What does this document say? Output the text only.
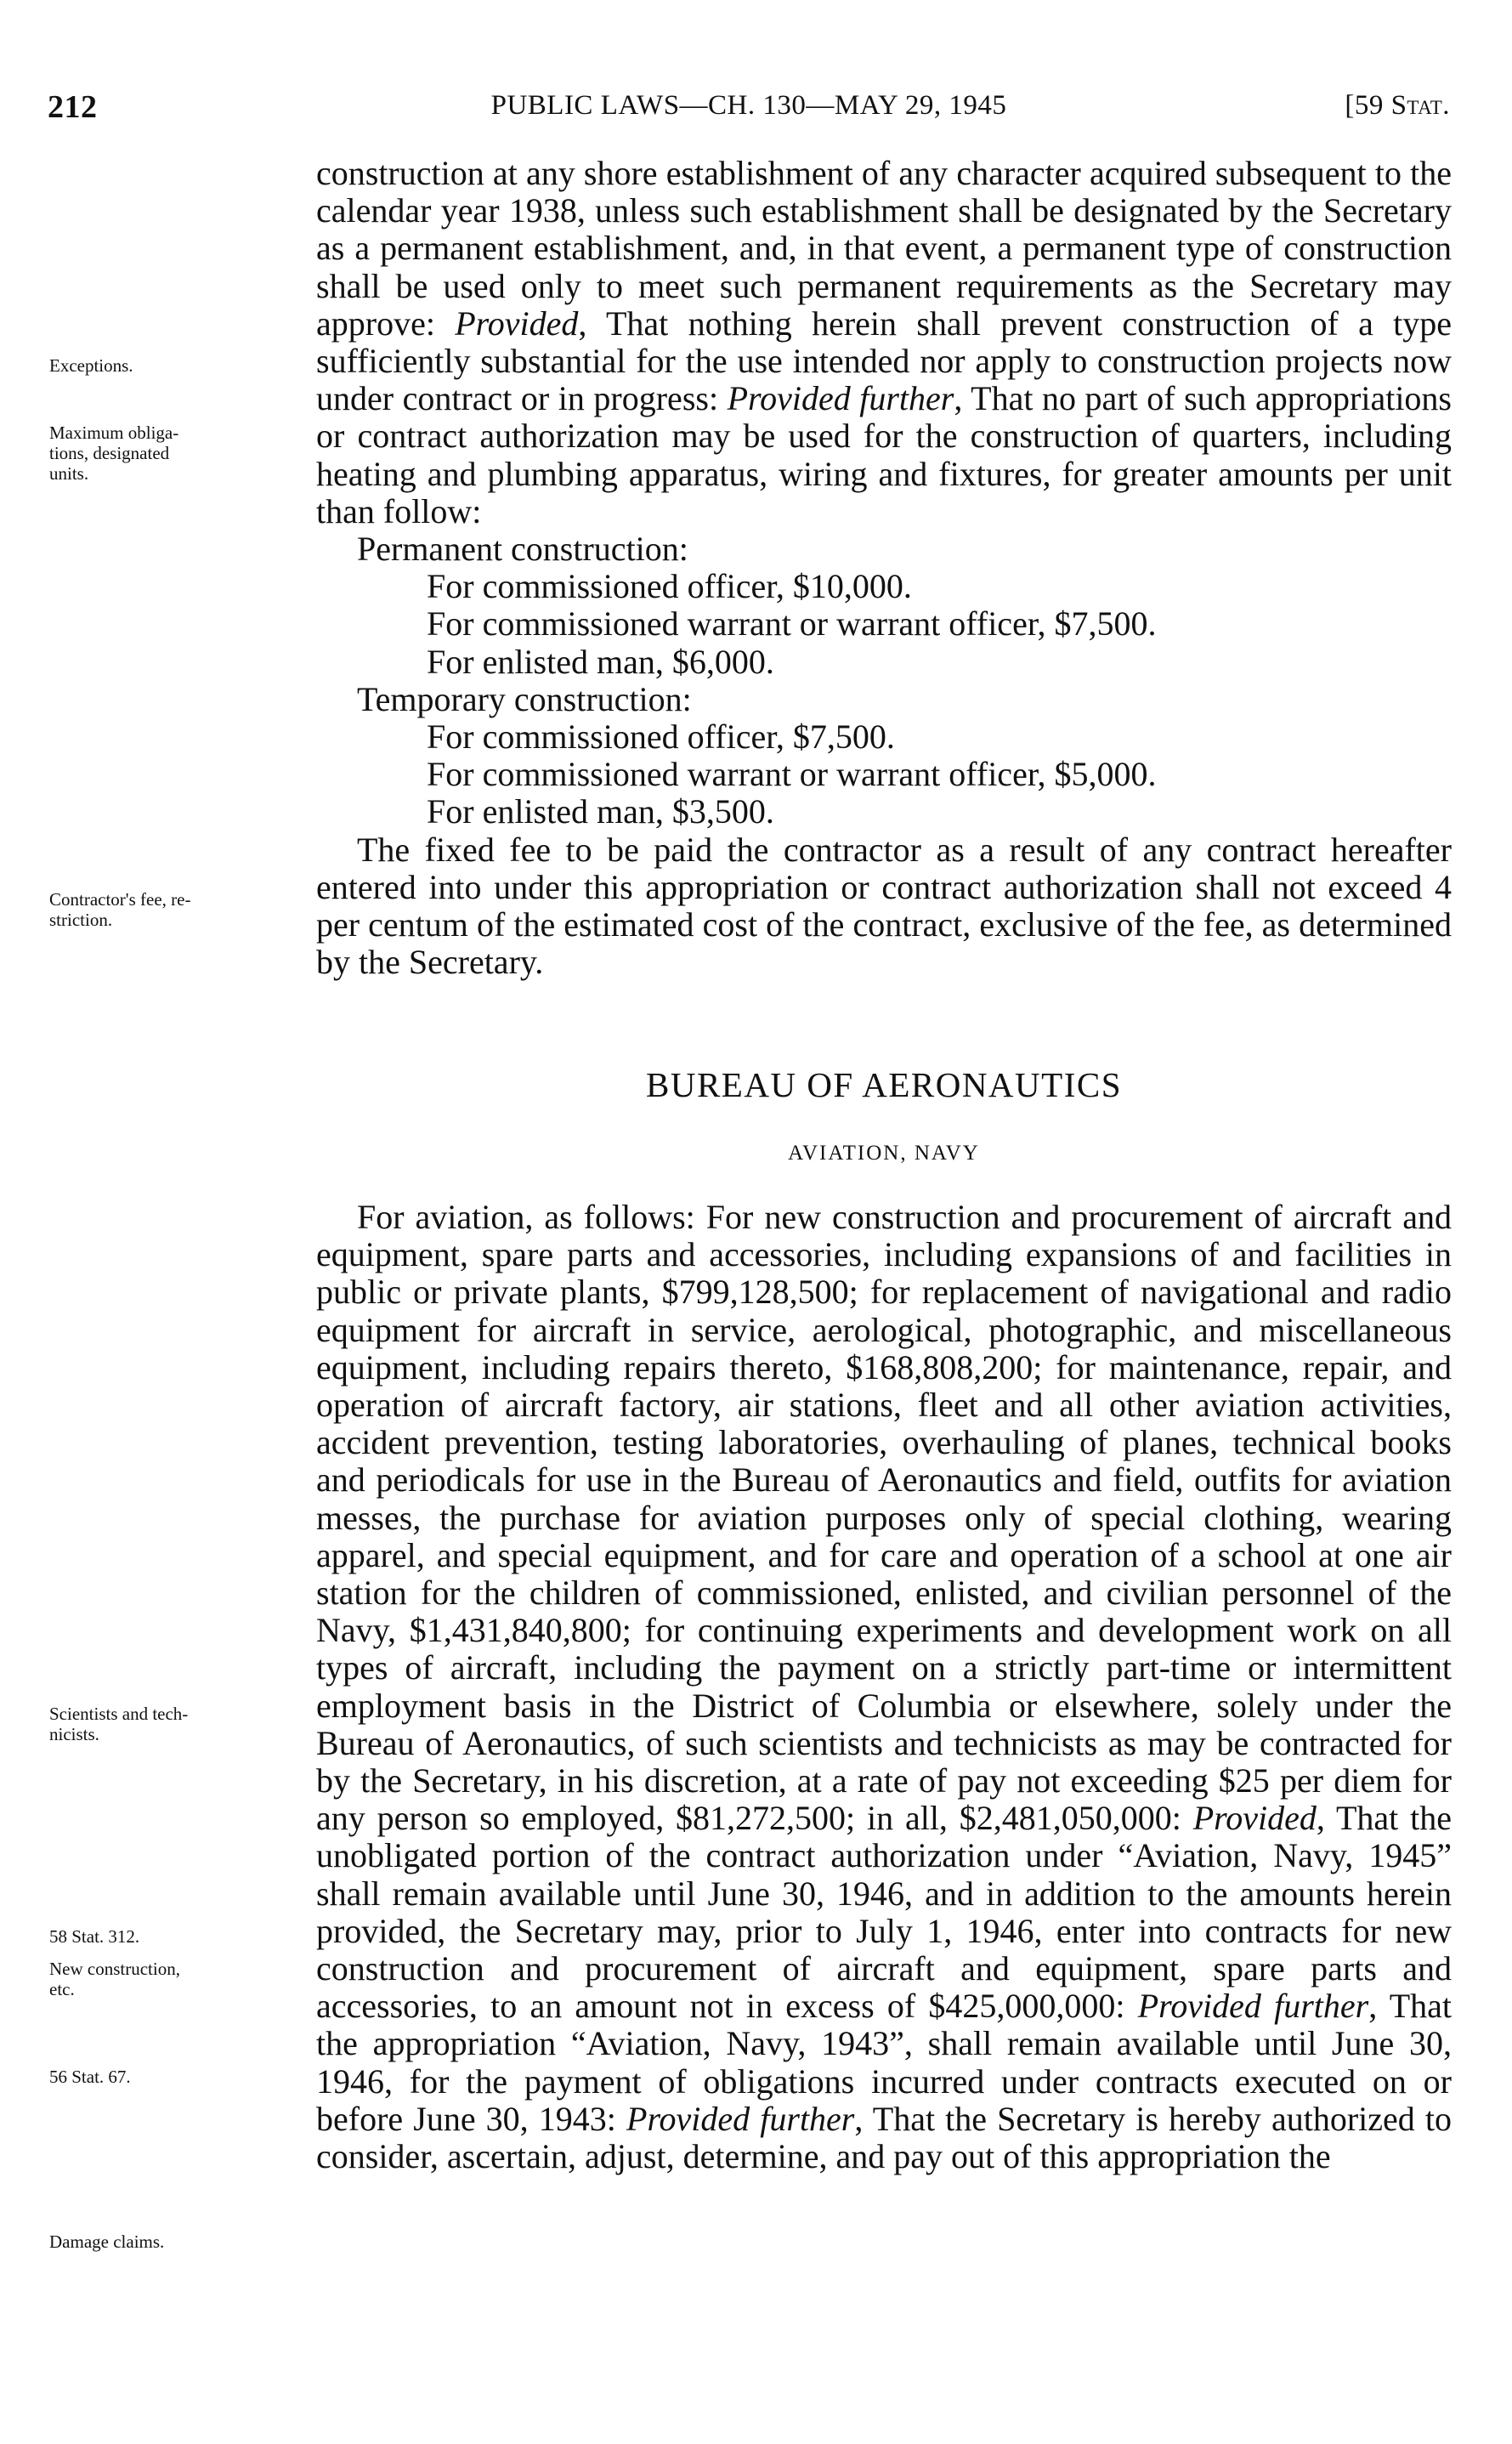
212	PUBLIC LAWS—CH. 130—MAY 29, 1945	[59 Stat.
Exceptions.
Maximum obliga-
tions, designated
units.
Contractor's fee, re-
striction.
Scientists and tech-
nicists.
58 Stat. 312.
New construction,
etc.
56 Stat. 67.
Damage claims.

construction at any shore establishment of any character acquired subsequent to the calendar year 1938, unless such establishment shall be designated by the Secretary as a permanent establishment, and, in that event, a permanent type of construction shall be used only to meet such permanent requirements as the Secretary may approve: Provided, That nothing herein shall prevent construction of a type sufficiently substantial for the use intended nor apply to construction projects now under contract or in progress: Provided further, That no part of such appropriations or contract authorization may be used for the construction of quarters, including heating and plumbing apparatus, wiring and fixtures, for greater amounts per unit than follow:

Permanent construction:

For commissioned officer, $10,000.

For commissioned warrant or warrant officer, $7,500.

For enlisted man, $6,000.

Temporary construction:

For commissioned officer, $7,500.

For commissioned warrant or warrant officer, $5,000.

For enlisted man, $3,500.

The fixed fee to be paid the contractor as a result of any contract hereafter entered into under this appropriation or contract authorization shall not exceed 4 per centum of the estimated cost of the contract, exclusive of the fee, as determined by the Secretary.

BUREAU OF AERONAUTICS

AVIATION, NAVY

For aviation, as follows: For new construction and procurement of aircraft and equipment, spare parts and accessories, including expansions of and facilities in public or private plants, $799,128,500; for replacement of navigational and radio equipment for aircraft in service, aerological, photographic, and miscellaneous equipment, including repairs thereto, $168,808,200; for maintenance, repair, and operation of aircraft factory, air stations, fleet and all other aviation activities, accident prevention, testing laboratories, overhauling of planes, technical books and periodicals for use in the Bureau of Aeronautics and field, outfits for aviation messes, the purchase for aviation purposes only of special clothing, wearing apparel, and special equipment, and for care and operation of a school at one air station for the children of commissioned, enlisted, and civilian personnel of the Navy, $1,431,840,800; for continuing experiments and development work on all types of aircraft, including the payment on a strictly part-time or intermittent employment basis in the District of Columbia or elsewhere, solely under the Bureau of Aeronautics, of such scientists and technicists as may be contracted for by the Secretary, in his discretion, at a rate of pay not exceeding $25 per diem for any person so employed, $81,272,500; in all, $2,481,050,000: Provided, That the unobligated portion of the contract authorization under “Aviation, Navy, 1945” shall remain available until June 30, 1946, and in addition to the amounts herein provided, the Secretary may, prior to July 1, 1946, enter into contracts for new construction and procurement of aircraft and equipment, spare parts and accessories, to an amount not in excess of $425,000,000: Provided further, That the appropriation “Aviation, Navy, 1943”, shall remain available until June 30, 1946, for the payment of obligations incurred under contracts executed on or before June 30, 1943: Provided further, That the Secretary is hereby authorized to consider, ascertain, adjust, determine, and pay out of this appropriation the
